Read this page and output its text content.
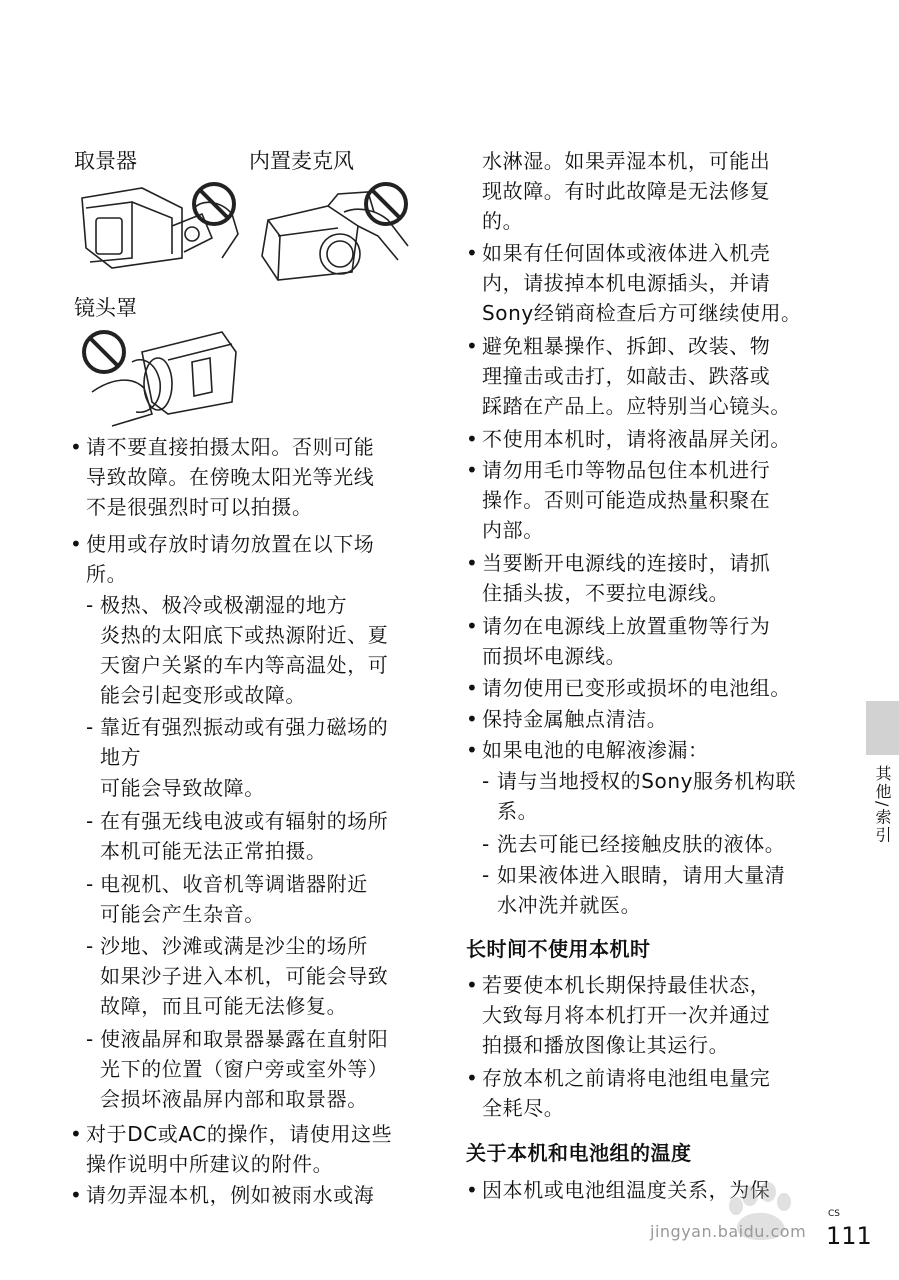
取景器	内置麦克风
镜头罩
• 请不要直接拍摄太阳。否则可能
导致故障。在傍晚太阳光等光线
不是很强烈时可以拍摄。
• 使用或存放时请勿放置在以下场
所。
- 极热、极冷或极潮湿的地方
炎热的太阳底下或热源附近、夏
天窗户关紧的车内等高温处，可
能会引起变形或故障。
- 靠近有强烈振动或有强力磁场的
地方
可能会导致故障。
- 在有强无线电波或有辐射的场所
本机可能无法正常拍摄。
- 电视机、收音机等调谐器附近
可能会产生杂音。
- 沙地、沙滩或满是沙尘的场所
如果沙子进入本机，可能会导致
故障，而且可能无法修复。
- 使液晶屏和取景器暴露在直射阳
光下的位置（窗户旁或室外等）
会损坏液晶屏内部和取景器。
• 对于DC或AC的操作，请使用这些
操作说明中所建议的附件。
• 请勿弄湿本机，例如被雨水或海
水淋湿。如果弄湿本机，可能出
现故障。有时此故障是无法修复
的。
• 如果有任何固体或液体进入机壳
内，请拔掉本机电源插头，并请
Sony经销商检查后方可继续使用。
• 避免粗暴操作、拆卸、改装、物
理撞击或击打，如敲击、跌落或
踩踏在产品上。应特别当心镜头。
• 不使用本机时，请将液晶屏关闭。
• 请勿用毛巾等物品包住本机进行
操作。否则可能造成热量积聚在
内部。
• 当要断开电源线的连接时，请抓
住插头拔，不要拉电源线。
• 请勿在电源线上放置重物等行为
而损坏电源线。
• 请勿使用已变形或损坏的电池组。
• 保持金属触点清洁。
• 如果电池的电解液渗漏：
- 请与当地授权的Sony服务机构联
系。
- 洗去可能已经接触皮肤的液体。
- 如果液体进入眼睛，请用大量清
水冲洗并就医。
长时间不使用本机时
• 若要使本机长期保持最佳状态，
大致每月将本机打开一次并通过
拍摄和播放图像让其运行。
• 存放本机之前请将电池组电量完
全耗尽。
关于本机和电池组的温度
• 因本机或电池组温度关系，为保
其他/索引
jingyan.baidu.com
CS
111
